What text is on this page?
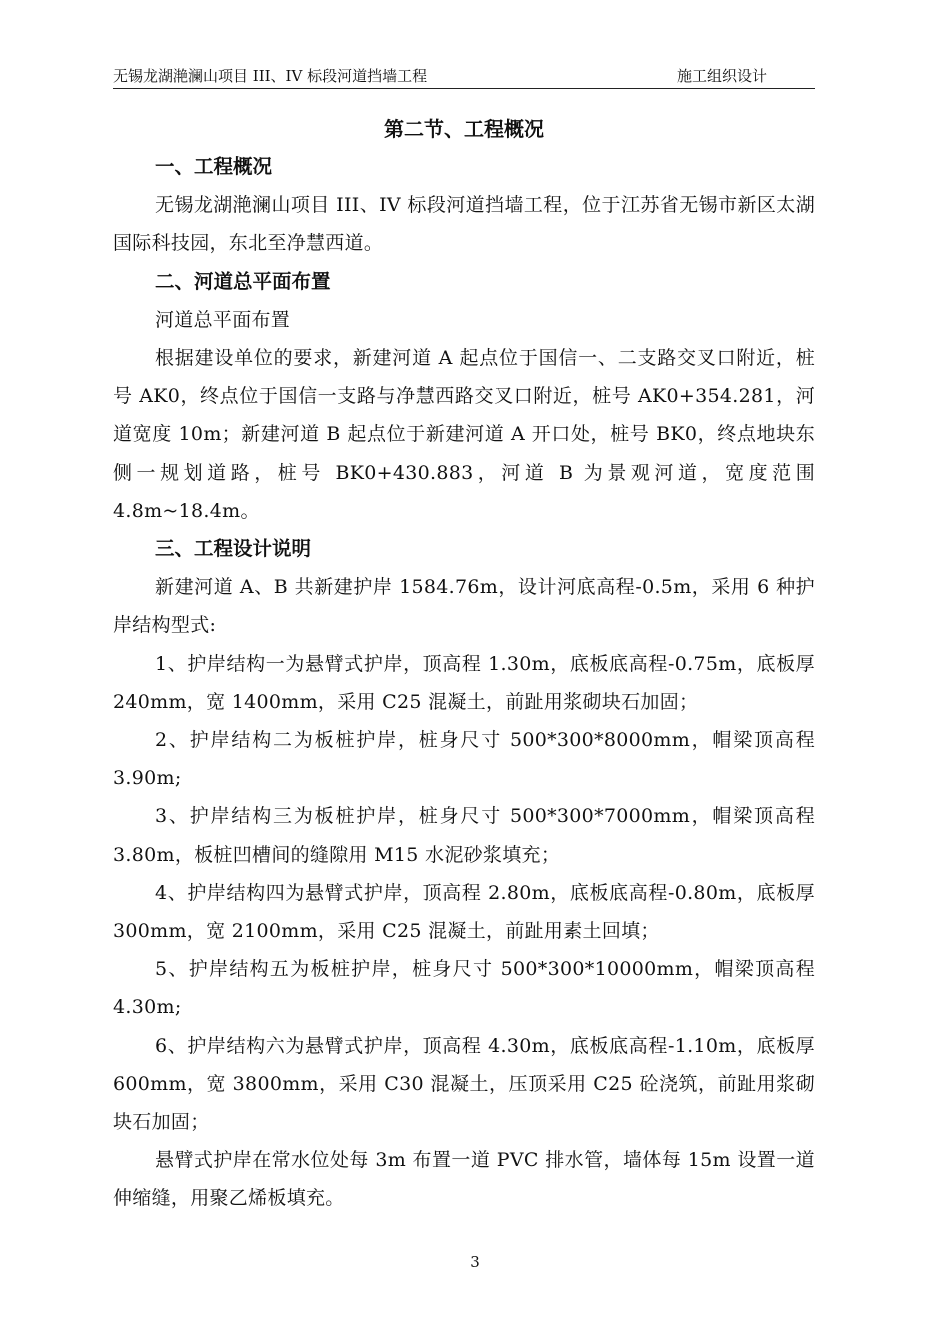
无锡龙湖滟澜山项目 III、IV 标段河道挡墙工程	施工组织设计
第二节、工程概况
一、工程概况

无锡龙湖滟澜山项目 III、IV 标段河道挡墙工程，位于江苏省无锡市新区太湖国际科技园，东北至净慧西道。

二、河道总平面布置

河道总平面布置

根据建设单位的要求，新建河道 A 起点位于国信一、二支路交叉口附近，桩号 AK0，终点位于国信一支路与净慧西路交叉口附近，桩号 AK0+354.281，河道宽度 10m；新建河道 B 起点位于新建河道 A 开口处，桩号 BK0，终点地块东侧一规划道路，桩号 BK0+430.883，河道 B 为景观河道，宽度范围 4.8m~18.4m。

三、工程设计说明

新建河道 A、B 共新建护岸 1584.76m，设计河底高程-0.5m，采用 6 种护岸结构型式:

1、护岸结构一为悬臂式护岸，顶高程 1.30m，底板底高程-0.75m，底板厚 240mm，宽 1400mm，采用 C25 混凝土，前趾用浆砌块石加固；

2、护岸结构二为板桩护岸，桩身尺寸 500*300*8000mm，帽梁顶高程 3.90m;

3、护岸结构三为板桩护岸，桩身尺寸 500*300*7000mm，帽梁顶高程 3.80m，板桩凹槽间的缝隙用 M15 水泥砂浆填充；

4、护岸结构四为悬臂式护岸，顶高程 2.80m，底板底高程-0.80m，底板厚 300mm，宽 2100mm，采用 C25 混凝土，前趾用素土回填；

5、护岸结构五为板桩护岸，桩身尺寸 500*300*10000mm，帽梁顶高程 4.30m;

6、护岸结构六为悬臂式护岸，顶高程 4.30m，底板底高程-1.10m，底板厚 600mm，宽 3800mm，采用 C30 混凝土，压顶采用 C25 砼浇筑，前趾用浆砌块石加固；

悬臂式护岸在常水位处每 3m 布置一道 PVC 排水管，墙体每 15m 设置一道伸缩缝，用聚乙烯板填充。

3
